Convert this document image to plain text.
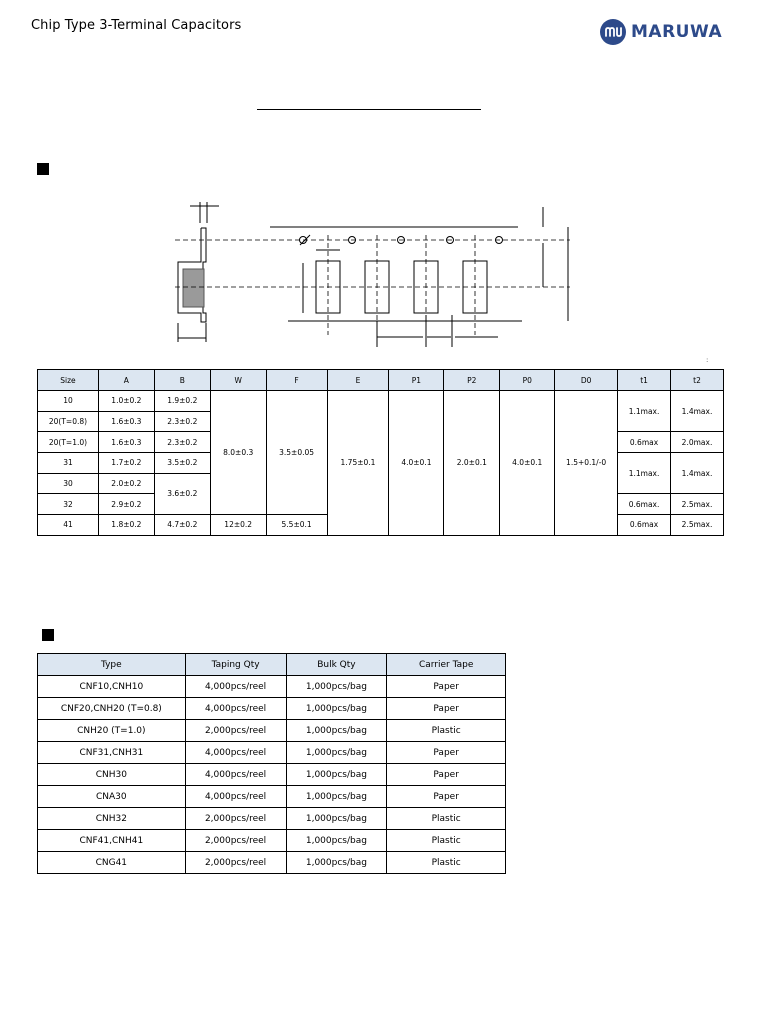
Chip Type 3-Terminal Capacitors	MARUWA
:
Size	A	B	W	F	E	P1	P2	P0	D0	t1	t2
10	1.0±0.2	1.9±0.2	8.0±0.3	3.5±0.05	1.75±0.1	4.0±0.1	2.0±0.1	4.0±0.1	1.5+0.1/-0	1.1max.	1.4max.
20(T=0.8)	1.6±0.3	2.3±0.2									
20(T=1.0)	1.6±0.3	2.3±0.2								0.6max	2.0max.
31	1.7±0.2	3.5±0.2								1.1max.	1.4max.
30	2.0±0.2	3.6±0.2									
32	2.9±0.2									0.6max.	2.5max.
41	1.8±0.2	4.7±0.2	12±0.2	5.5±0.1						0.6max	2.5max.
Type	Taping Qty	Bulk Qty	Carrier Tape
CNF10,CNH10	4,000pcs/reel	1,000pcs/bag	Paper
CNF20,CNH20 (T=0.8)	4,000pcs/reel	1,000pcs/bag	Paper
CNH20 (T=1.0)	2,000pcs/reel	1,000pcs/bag	Plastic
CNF31,CNH31	4,000pcs/reel	1,000pcs/bag	Paper
CNH30	4,000pcs/reel	1,000pcs/bag	Paper
CNA30	4,000pcs/reel	1,000pcs/bag	Paper
CNH32	2,000pcs/reel	1,000pcs/bag	Plastic
CNF41,CNH41	2,000pcs/reel	1,000pcs/bag	Plastic
CNG41	2,000pcs/reel	1,000pcs/bag	Plastic
